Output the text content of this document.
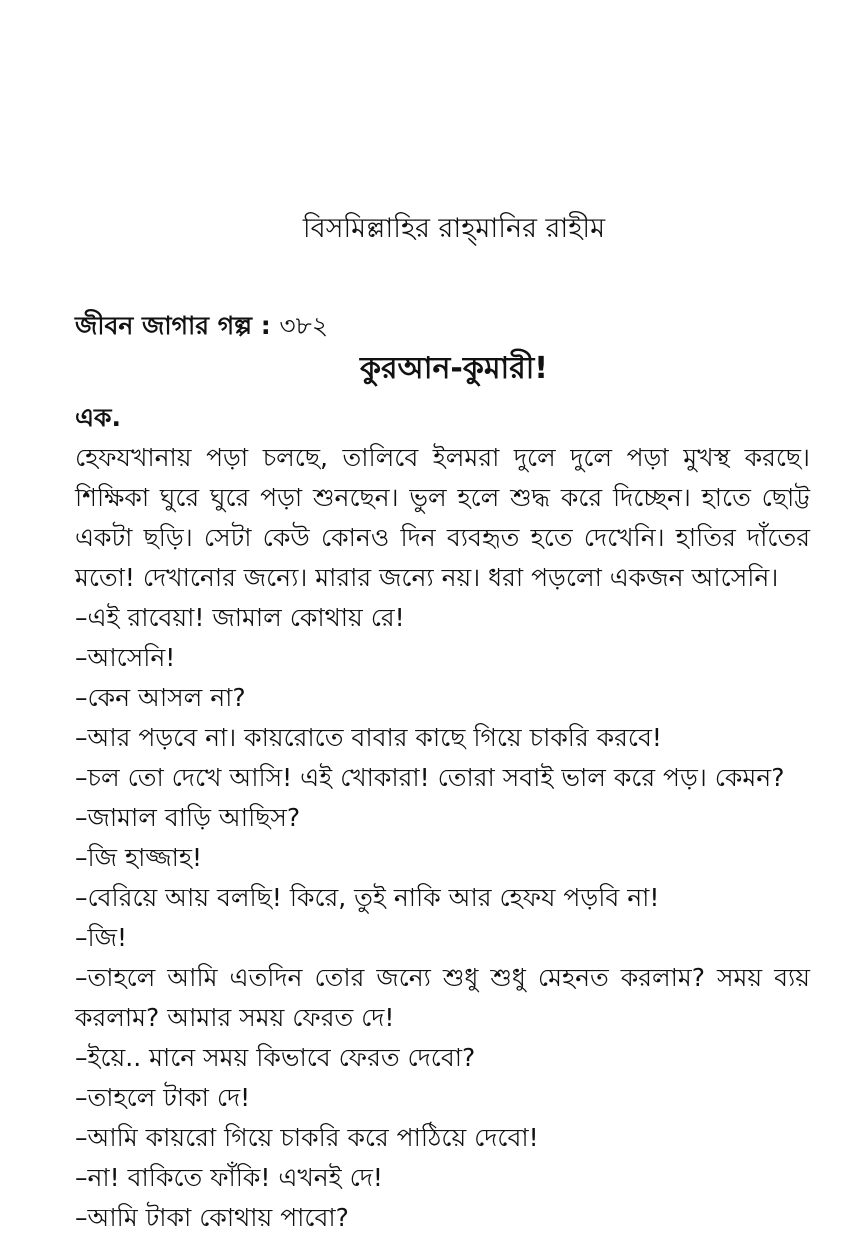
বিসমিল্লাহির রাহ্‌মানির রাহীম
জীবন জাগার গল্প : ৩৮২
কুরআন-কুমারী!
এক.

হেফযখানায় পড়া চলছে, তালিবে ইলমরা দুলে দুলে পড়া মুখস্থ করছে। শিক্ষিকা ঘুরে ঘুরে পড়া শুনছেন। ভুল হলে শুদ্ধ করে দিচ্ছেন। হাতে ছোট্ট একটা ছড়ি। সেটা কেউ কোনও দিন ব্যবহৃত হতে দেখেনি। হাতির দাঁতের মতো! দেখানোর জন্যে। মারার জন্যে নয়। ধরা পড়লো একজন আসেনি।

–এই রাবেয়া! জামাল কোথায় রে!

–আসেনি!

–কেন আসল না?

–আর পড়বে না। কায়রোতে বাবার কাছে গিয়ে চাকরি করবে!

–চল তো দেখে আসি! এই খোকারা! তোরা সবাই ভাল করে পড়। কেমন?

–জামাল বাড়ি আছিস?

–জি হাজ্জাহ!

–বেরিয়ে আয় বলছি! কিরে, তুই নাকি আর হেফয পড়বি না!

–জি!

–তাহলে আমি এতদিন তোর জন্যে শুধু শুধু মেহনত করলাম? সময় ব্যয় করলাম? আমার সময় ফেরত দে!

–ইয়ে.. মানে সময় কিভাবে ফেরত দেবো?

–তাহলে টাকা দে!

–আমি কায়রো গিয়ে চাকরি করে পাঠিয়ে দেবো!

–না! বাকিতে ফাঁকি! এখনই দে!

–আমি টাকা কোথায় পাবো?
